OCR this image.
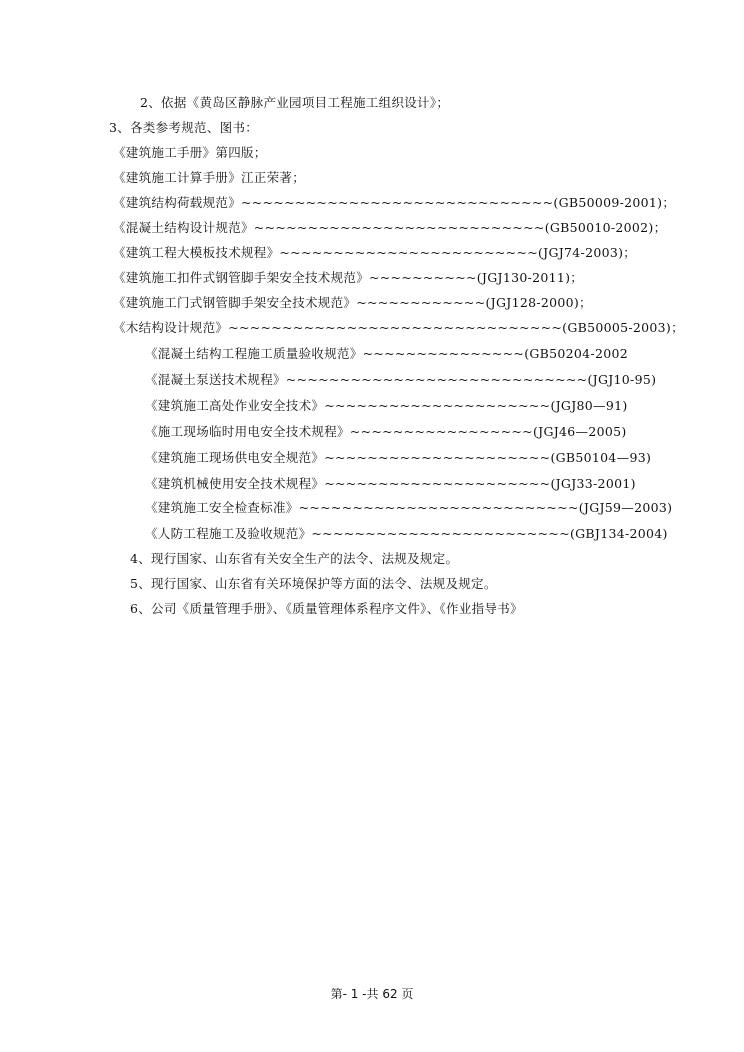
2、依据《黄岛区静脉产业园项目工程施工组织设计》；
3、各类参考规范、图书：
《建筑施工手册》第四版；
《建筑施工计算手册》江正荣著；
《建筑结构荷载规范》~~~~~~~~~~~~~~~~~~~~~~~~~~~~~(GB50009-2001)；
《混凝土结构设计规范》~~~~~~~~~~~~~~~~~~~~~~~~~~~(GB50010-2002)；
《建筑工程大模板技术规程》~~~~~~~~~~~~~~~~~~~~~~~~(JGJ74-2003)；
《建筑施工扣件式钢管脚手架安全技术规范》~~~~~~~~~~(JGJ130-2011)；
《建筑施工门式钢管脚手架安全技术规范》~~~~~~~~~~~~(JGJ128-2000)；
《木结构设计规范》~~~~~~~~~~~~~~~~~~~~~~~~~~~~~~~(GB50005-2003)；
《混凝土结构工程施工质量验收规范》~~~~~~~~~~~~~~~(GB50204-2002
《混凝土泵送技术规程》~~~~~~~~~~~~~~~~~~~~~~~~~~~~(JGJ10-95)
《建筑施工高处作业安全技术》~~~~~~~~~~~~~~~~~~~~~(JGJ80—91)
《施工现场临时用电安全技术规程》~~~~~~~~~~~~~~~~~(JGJ46—2005)
《建筑施工现场供电安全规范》~~~~~~~~~~~~~~~~~~~~~(GB50104—93)
《建筑机械使用安全技术规程》~~~~~~~~~~~~~~~~~~~~~(JGJ33-2001)
《建筑施工安全检查标准》~~~~~~~~~~~~~~~~~~~~~~~~~~(JGJ59—2003)
《人防工程施工及验收规范》~~~~~~~~~~~~~~~~~~~~~~~~(GBJ134-2004)
4、现行国家、山东省有关安全生产的法令、法规及规定。
5、现行国家、山东省有关环境保护等方面的法令、法规及规定。
6、公司《质量管理手册》、《质量管理体系程序文件》、《作业指导书》
第- 1 -共 62 页
